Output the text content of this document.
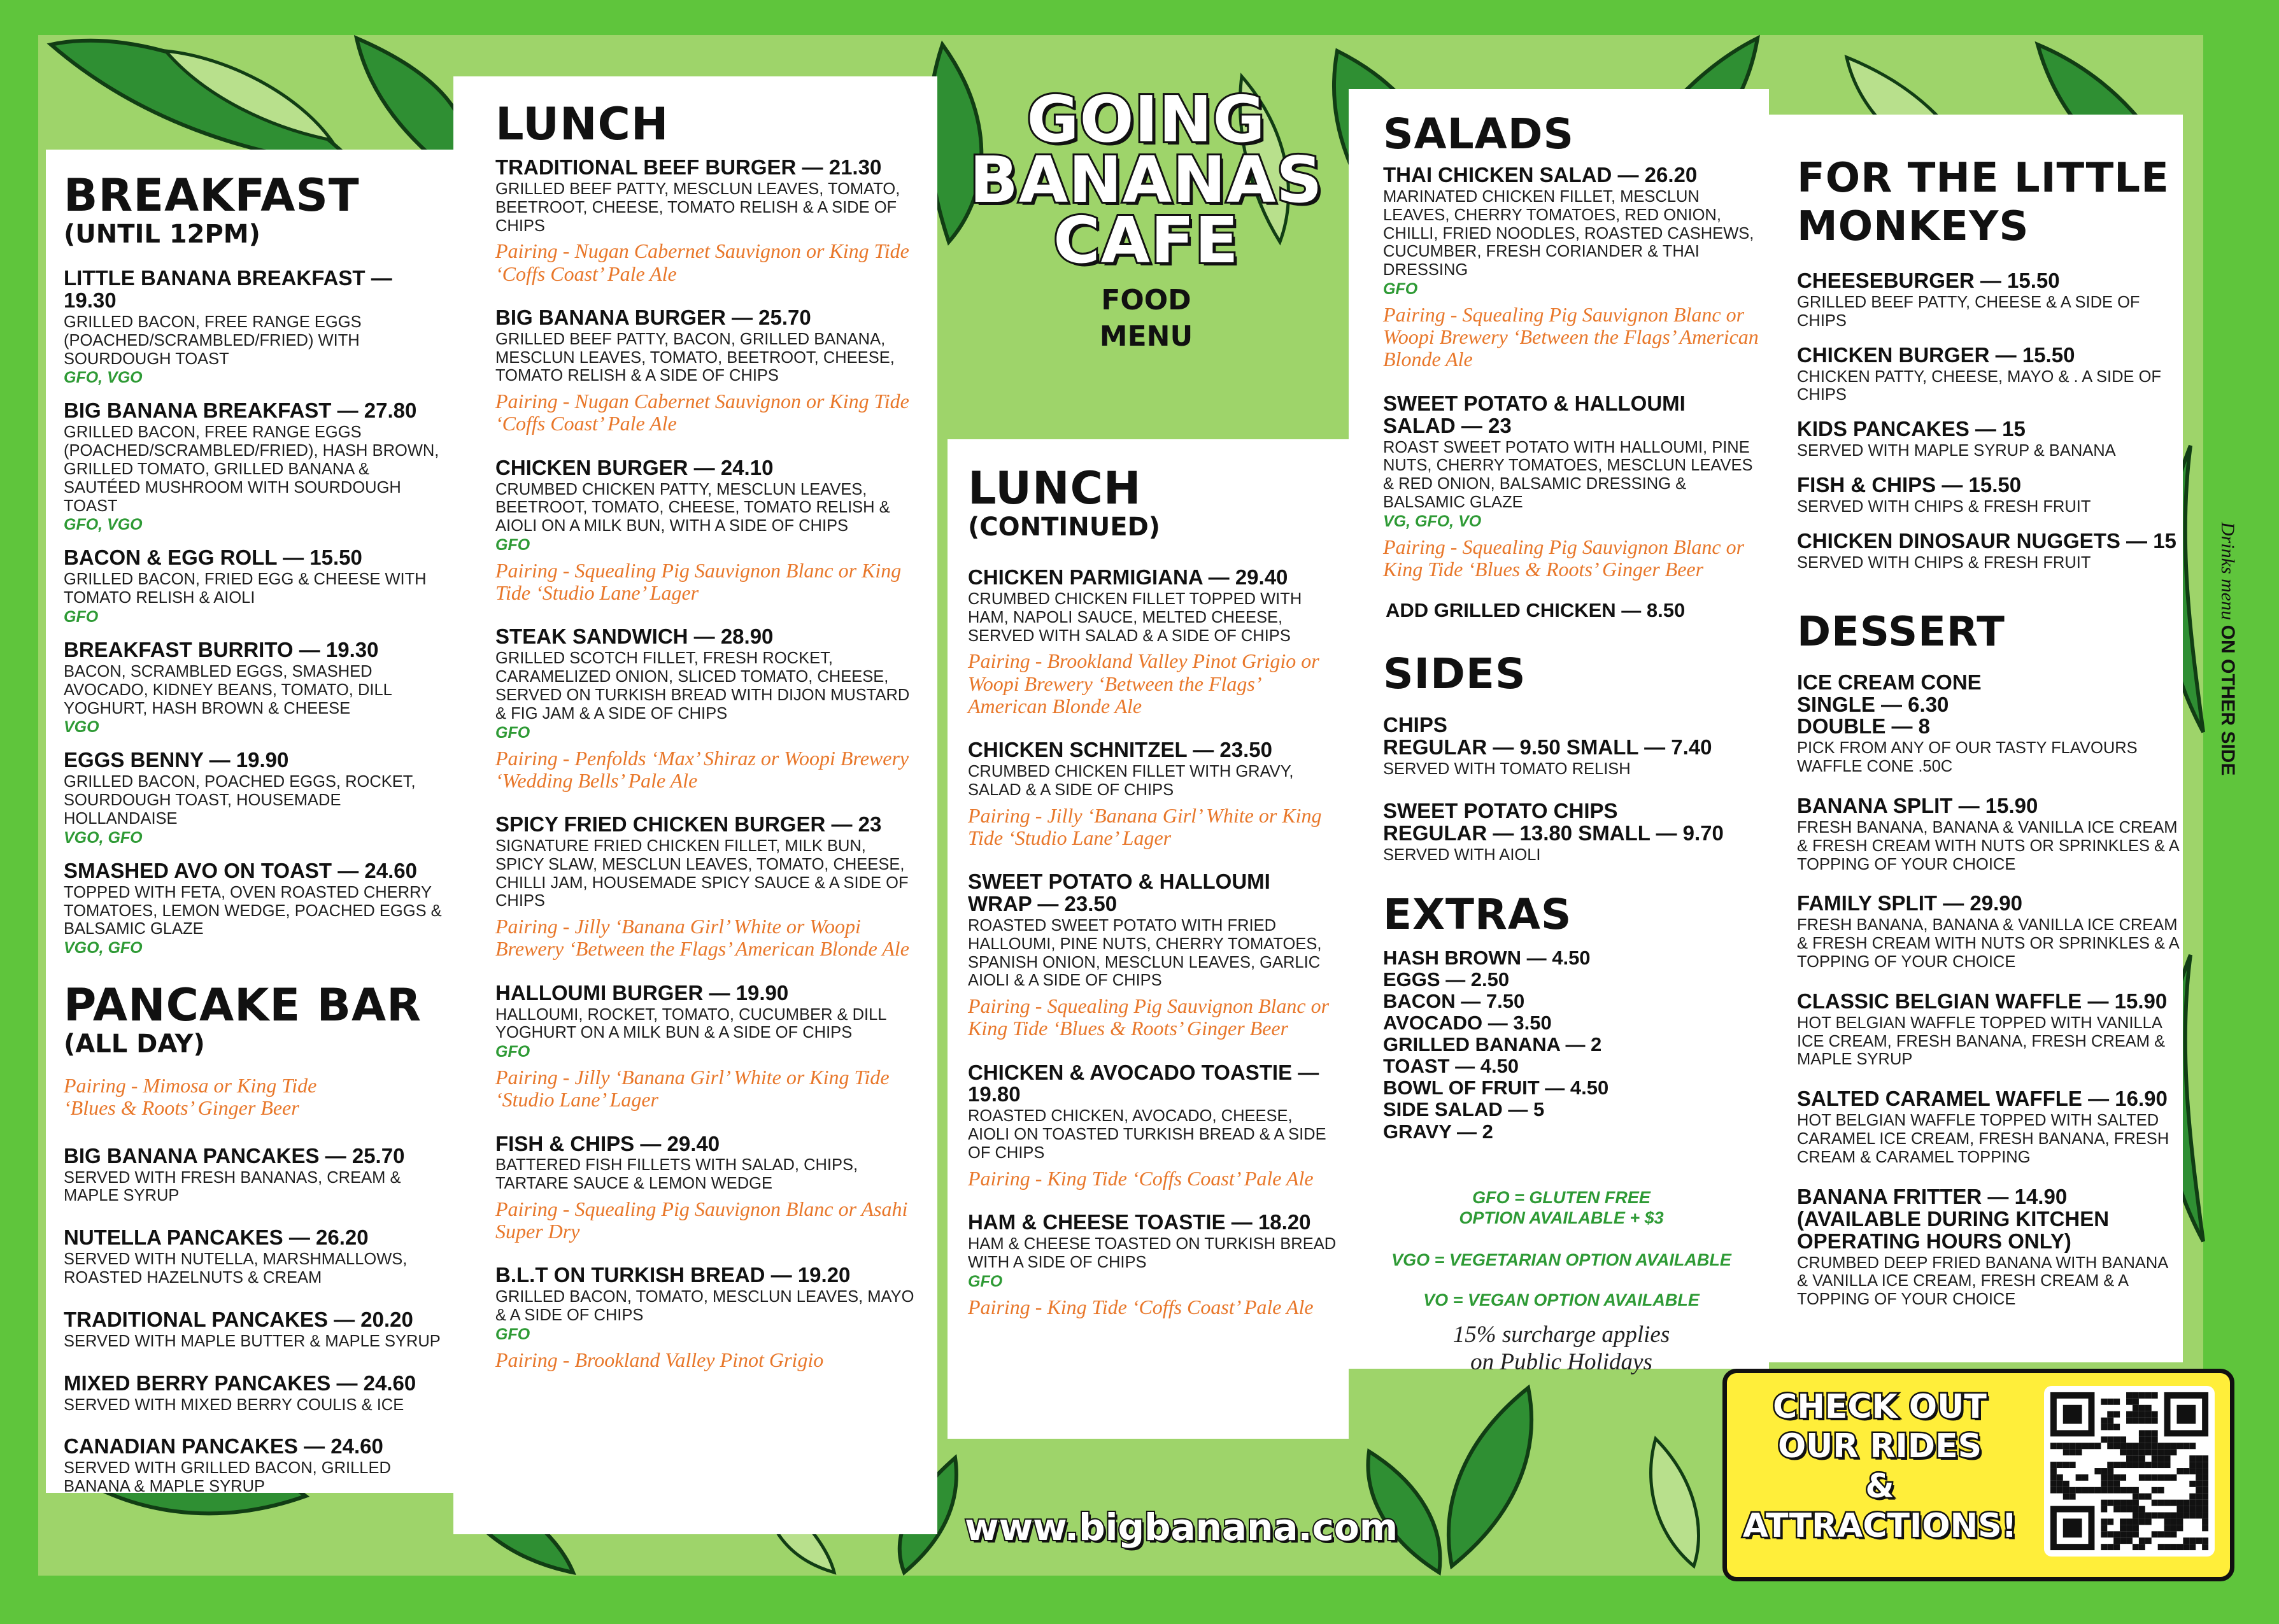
BREAKFAST
(UNTIL 12PM)
LITTLE BANANA BREAKFAST — 19.30
GRILLED BACON, FREE RANGE EGGS (POACHED/SCRAMBLED/FRIED) WITH SOURDOUGH TOAST
GFO, VGO
BIG BANANA BREAKFAST — 27.80
GRILLED BACON, FREE RANGE EGGS (POACHED/SCRAMBLED/FRIED), HASH BROWN, GRILLED TOMATO, GRILLED BANANA & SAUTÉED MUSHROOM WITH SOURDOUGH TOAST
GFO, VGO
BACON & EGG ROLL — 15.50
GRILLED BACON, FRIED EGG & CHEESE WITH TOMATO RELISH & AIOLI
GFO
BREAKFAST BURRITO — 19.30
BACON, SCRAMBLED EGGS, SMASHED AVOCADO, KIDNEY BEANS, TOMATO, DILL YOGHURT, HASH BROWN & CHEESE
VGO
EGGS BENNY — 19.90
GRILLED BACON, POACHED EGGS, ROCKET, SOURDOUGH TOAST, HOUSEMADE HOLLANDAISE
VGO, GFO
SMASHED AVO ON TOAST — 24.60
TOPPED WITH FETA, OVEN ROASTED CHERRY TOMATOES, LEMON WEDGE, POACHED EGGS & BALSAMIC GLAZE
VGO, GFO
PANCAKE BAR
(ALL DAY)
Pairing - Mimosa or King Tide ‘Blues & Roots’ Ginger Beer
BIG BANANA PANCAKES — 25.70
SERVED WITH FRESH BANANAS, CREAM & MAPLE SYRUP
NUTELLA PANCAKES — 26.20
SERVED WITH NUTELLA, MARSHMALLOWS, ROASTED HAZELNUTS & CREAM
TRADITIONAL PANCAKES — 20.20
SERVED WITH MAPLE BUTTER & MAPLE SYRUP
MIXED BERRY PANCAKES — 24.60
SERVED WITH MIXED BERRY COULIS & ICE
CANADIAN PANCAKES — 24.60
SERVED WITH GRILLED BACON, GRILLED BANANA & MAPLE SYRUP
LUNCH
TRADITIONAL BEEF BURGER — 21.30
GRILLED BEEF PATTY, MESCLUN LEAVES, TOMATO, BEETROOT, CHEESE, TOMATO RELISH & A SIDE OF CHIPS
Pairing - Nugan Cabernet Sauvignon or King Tide ‘Coffs Coast’ Pale Ale
BIG BANANA BURGER — 25.70
GRILLED BEEF PATTY, BACON, GRILLED BANANA, MESCLUN LEAVES, TOMATO, BEETROOT, CHEESE, TOMATO RELISH & A SIDE OF CHIPS
Pairing - Nugan Cabernet Sauvignon or King Tide ‘Coffs Coast’ Pale Ale
CHICKEN BURGER — 24.10
CRUMBED CHICKEN PATTY, MESCLUN LEAVES, BEETROOT, TOMATO, CHEESE, TOMATO RELISH & AIOLI ON A MILK BUN, WITH A SIDE OF CHIPS
GFO
Pairing - Squealing Pig Sauvignon Blanc or King Tide ‘Studio Lane’ Lager
STEAK SANDWICH — 28.90
GRILLED SCOTCH FILLET, FRESH ROCKET, CARAMELIZED ONION, SLICED TOMATO, CHEESE, SERVED ON TURKISH BREAD WITH DIJON MUSTARD & FIG JAM & A SIDE OF CHIPS
GFO
Pairing - Penfolds ‘Max’ Shiraz or Woopi Brewery ‘Wedding Bells’ Pale Ale
SPICY FRIED CHICKEN BURGER — 23
SIGNATURE FRIED CHICKEN FILLET, MILK BUN, SPICY SLAW, MESCLUN LEAVES, TOMATO, CHEESE, CHILLI JAM, HOUSEMADE SPICY SAUCE & A SIDE OF CHIPS
Pairing - Jilly ‘Banana Girl’ White or Woopi Brewery ‘Between the Flags’ American Blonde Ale
HALLOUMI BURGER — 19.90
HALLOUMI, ROCKET, TOMATO, CUCUMBER & DILL YOGHURT ON A MILK BUN & A SIDE OF CHIPS
GFO
Pairing - Jilly ‘Banana Girl’ White or King Tide ‘Studio Lane’ Lager
FISH & CHIPS — 29.40
BATTERED FISH FILLETS WITH SALAD, CHIPS, TARTARE SAUCE & LEMON WEDGE
Pairing - Squealing Pig Sauvignon Blanc or Asahi Super Dry
B.L.T ON TURKISH BREAD — 19.20
GRILLED BACON, TOMATO, MESCLUN LEAVES, MAYO & A SIDE OF CHIPS
GFO
Pairing - Brookland Valley Pinot Grigio
GOING
BANANAS
CAFE
FOOD
MENU
LUNCH
(CONTINUED)
CHICKEN PARMIGIANA — 29.40
CRUMBED CHICKEN FILLET TOPPED WITH HAM, NAPOLI SAUCE, MELTED CHEESE, SERVED WITH SALAD & A SIDE OF CHIPS
Pairing - Brookland Valley Pinot Grigio or Woopi Brewery ‘Between the Flags’ American Blonde Ale
CHICKEN SCHNITZEL — 23.50
CRUMBED CHICKEN FILLET WITH GRAVY, SALAD & A SIDE OF CHIPS
Pairing - Jilly ‘Banana Girl’ White or King Tide ‘Studio Lane’ Lager
SWEET POTATO & HALLOUMI WRAP — 23.50
ROASTED SWEET POTATO WITH FRIED HALLOUMI, PINE NUTS, CHERRY TOMATOES, SPANISH ONION, MESCLUN LEAVES, GARLIC AIOLI & A SIDE OF CHIPS
Pairing - Squealing Pig Sauvignon Blanc or King Tide ‘Blues & Roots’ Ginger Beer
CHICKEN & AVOCADO TOASTIE — 19.80
ROASTED CHICKEN, AVOCADO, CHEESE, AIOLI ON TOASTED TURKISH BREAD & A SIDE OF CHIPS
Pairing - King Tide ‘Coffs Coast’ Pale Ale
HAM & CHEESE TOASTIE — 18.20
HAM & CHEESE TOASTED ON TURKISH BREAD WITH A SIDE OF CHIPS
GFO
Pairing - King Tide ‘Coffs Coast’ Pale Ale
www.bigbanana.com
SALADS
THAI CHICKEN SALAD — 26.20
MARINATED CHICKEN FILLET, MESCLUN LEAVES, CHERRY TOMATOES, RED ONION, CHILLI, FRIED NOODLES, ROASTED CASHEWS, CUCUMBER, FRESH CORIANDER & THAI DRESSING
GFO
Pairing - Squealing Pig Sauvignon Blanc or Woopi Brewery ‘Between the Flags’ American Blonde Ale
SWEET POTATO & HALLOUMI SALAD — 23
ROAST SWEET POTATO WITH HALLOUMI, PINE NUTS, CHERRY TOMATOES, MESCLUN LEAVES & RED ONION, BALSAMIC DRESSING & BALSAMIC GLAZE
VG, GFO, VO
Pairing - Squealing Pig Sauvignon Blanc or King Tide ‘Blues & Roots’ Ginger Beer
ADD GRILLED CHICKEN — 8.50
SIDES
CHIPS
REGULAR — 9.50 SMALL — 7.40
SERVED WITH TOMATO RELISH
SWEET POTATO CHIPS
REGULAR — 13.80 SMALL — 9.70
SERVED WITH AIOLI
EXTRAS
HASH BROWN — 4.50
EGGS — 2.50
BACON — 7.50
AVOCADO — 3.50
GRILLED BANANA — 2
TOAST — 4.50
BOWL OF FRUIT — 4.50
SIDE SALAD — 5
GRAVY — 2
GFO = GLUTEN FREE
OPTION AVAILABLE + $3
VGO = VEGETARIAN OPTION AVAILABLE
VO = VEGAN OPTION AVAILABLE
15% surcharge applies
on Public Holidays
FOR THE LITTLE
MONKEYS
CHEESEBURGER — 15.50
GRILLED BEEF PATTY, CHEESE & A SIDE OF CHIPS
CHICKEN BURGER — 15.50
CHICKEN PATTY, CHEESE, MAYO & . A SIDE OF CHIPS
KIDS PANCAKES — 15
SERVED WITH MAPLE SYRUP & BANANA
FISH & CHIPS — 15.50
SERVED WITH CHIPS & FRESH FRUIT
CHICKEN DINOSAUR NUGGETS — 15
SERVED WITH CHIPS & FRESH FRUIT
DESSERT
ICE CREAM CONE
SINGLE — 6.30
DOUBLE — 8
PICK FROM ANY OF OUR TASTY FLAVOURS WAFFLE CONE .50C
BANANA SPLIT — 15.90
FRESH BANANA, BANANA & VANILLA ICE CREAM & FRESH CREAM WITH NUTS OR SPRINKLES & A TOPPING OF YOUR CHOICE
FAMILY SPLIT — 29.90
FRESH BANANA, BANANA & VANILLA ICE CREAM & FRESH CREAM WITH NUTS OR SPRINKLES & A TOPPING OF YOUR CHOICE
CLASSIC BELGIAN WAFFLE — 15.90
HOT BELGIAN WAFFLE TOPPED WITH VANILLA ICE CREAM, FRESH BANANA, FRESH CREAM & MAPLE SYRUP
SALTED CARAMEL WAFFLE — 16.90
HOT BELGIAN WAFFLE TOPPED WITH SALTED CARAMEL ICE CREAM, FRESH BANANA, FRESH CREAM & CARAMEL TOPPING
BANANA FRITTER — 14.90
(AVAILABLE DURING KITCHEN OPERATING HOURS ONLY)
CRUMBED DEEP FRIED BANANA WITH BANANA & VANILLA ICE CREAM, FRESH CREAM & A TOPPING OF YOUR CHOICE
Drinks menu ON OTHER SIDE
CHECK OUT
OUR RIDES
&
ATTRACTIONS!
